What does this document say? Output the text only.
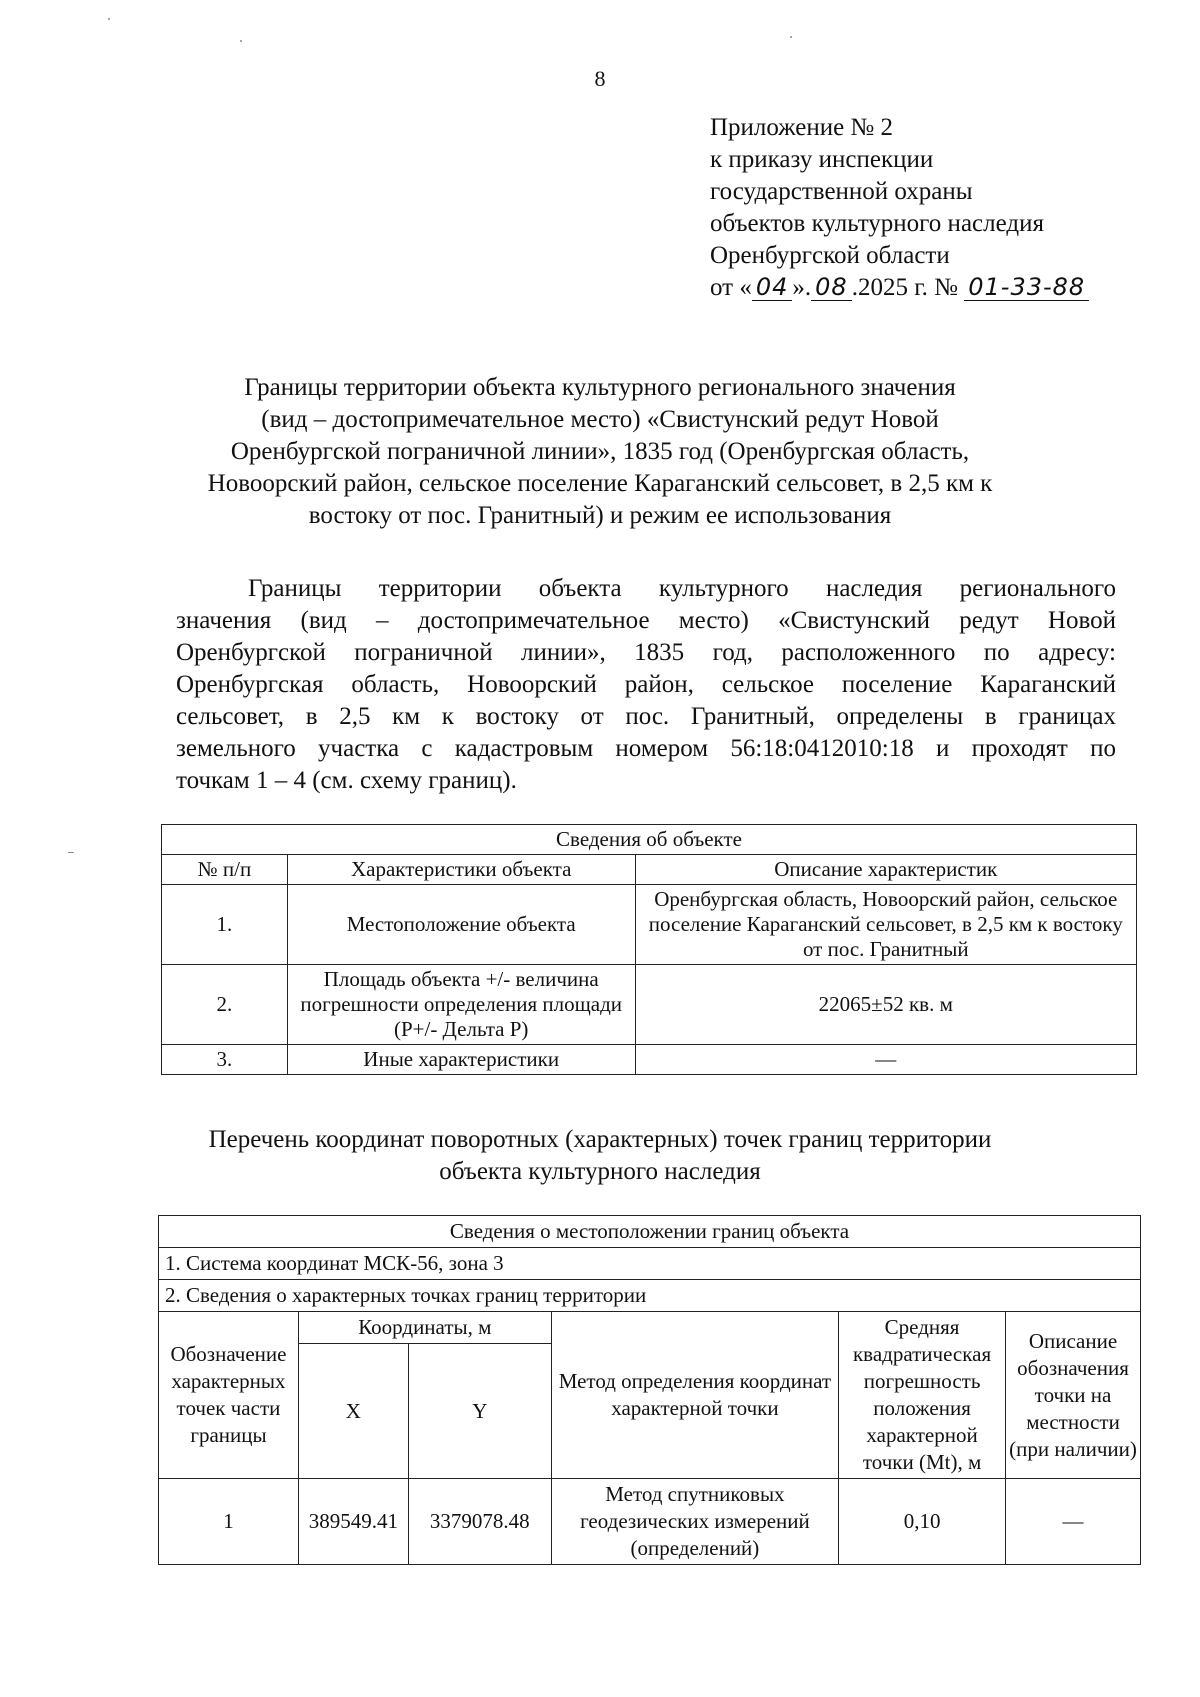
8
Приложение № 2
к приказу инспекции
государственной охраны
объектов культурного наследия
Оренбургской области
от « 04 ». 08 .2025 г. № 01-33-88
Границы территории объекта культурного регионального значения
(вид – достопримечательное место) «Свистунский редут Новой
Оренбургской пограничной линии», 1835 год (Оренбургская область,
Новоорский район, сельское поселение Караганский сельсовет, в 2,5 км к
востоку от пос. Гранитный) и режим ее использования
Границы территории объекта культурного наследия регионального
значения (вид – достопримечательное место) «Свистунский редут Новой
Оренбургской пограничной линии», 1835 год, расположенного по адресу:
Оренбургская область, Новоорский район, сельское поселение Караганский
сельсовет, в 2,5 км к востоку от пос. Гранитный, определены в границах
земельного участка с кадастровым номером 56:18:0412010:18 и проходят по
точкам 1 – 4 (см. схему границ).
Сведения об объекте		
№ п/п	Характеристики объекта	Описание характеристик
1.	Местоположение объекта	Оренбургская область, Новоорский район, сельское поселение Караганский сельсовет, в 2,5 км к востоку от пос. Гранитный
2.	Площадь объекта +/- величина погрешности определения площади (P+/- Дельта P)	22065±52 кв. м
3.	Иные характеристики	—
Перечень координат поворотных (характерных) точек границ территории
объекта культурного наследия
Сведения о местоположении границ объекта					
1. Система координат МСК-56, зона 3					
2. Сведения о характерных точках границ территории					
Обозначение характерных точек части границы	Координаты, м		Метод определения координат характерной точки	Средняя квадратическая погрешность положения характерной точки (Mt), м	Описание обозначения точки на местности (при наличии)
	X	Y			
1	389549.41	3379078.48	Метод спутниковых геодезических измерений (определений)	0,10	—
